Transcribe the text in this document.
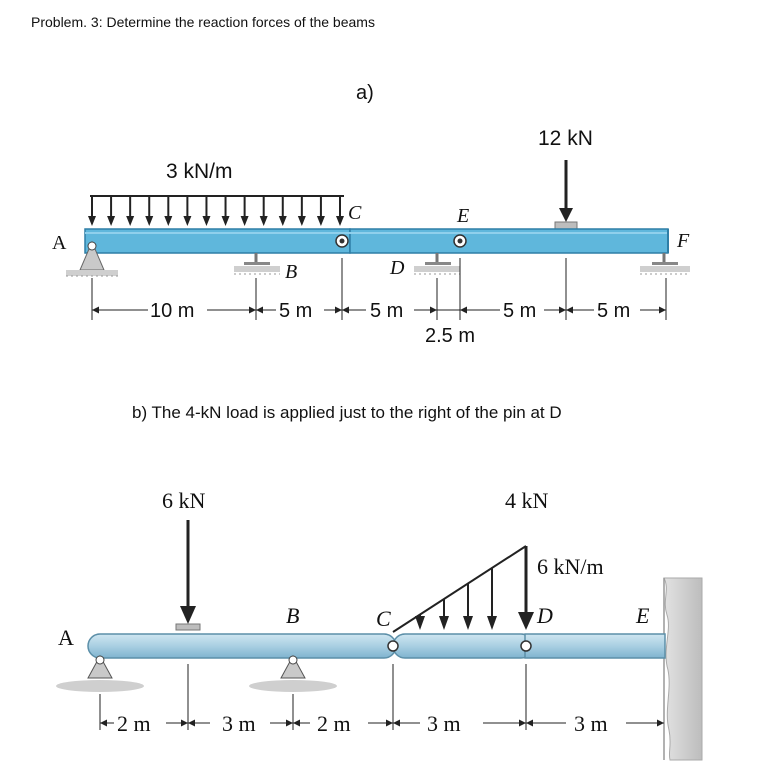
Problem. 3: Determine the reaction forces of the beams
a)
3 kN/m
12 kN
A
C	E
F
B	D
10 m	5 m	5 m
2.5 m
5 m	5 m
b) The 4-kN load is applied just to the right of the pin at D
6 kN	4 kN
6 kN/m
A
B	C	D	E
2 m	3 m	2 m	3 m	3 m
